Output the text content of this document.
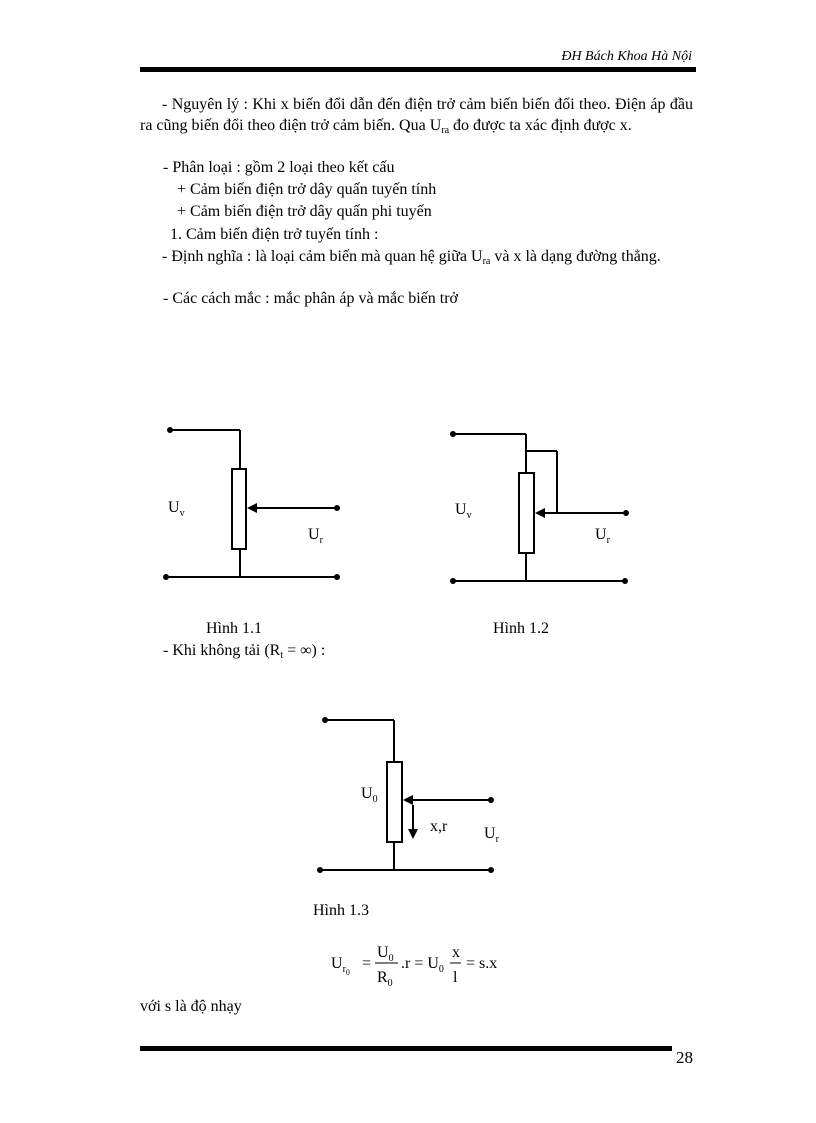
ĐH Bách Khoa Hà Nội
- Nguyên lý : Khi x biến đổi dẫn đến điện trở cảm biến biến đổi theo. Điện áp đầu ra cũng biến đổi theo điện trở cảm biến. Qua $U_{ra}$ đo được ta xác định được x.
- Phân loại : gồm 2 loại theo kết cấu
+ Cảm biến điện trở dây quấn tuyến tính
+ Cảm biến điện trở dây quấn phi tuyến
1. Cảm biến điện trở tuyến tính :
- Định nghĩa : là loại cảm biến mà quan hệ giữa $U_{ra}$ và x là dạng đường thẳng.
- Các cách mắc : mắc phân áp và mắc biến trở
$U_v$
$U_r$
Hình 1.1
$U_v$
$U_r$
Hình 1.2
- Khi không tải ($R_t$ = ∞) :
$U_0$
x,r $U_r$
Hình 1.3
$U_r0$
=
$U_0$
$R_0$
$.r = U_0$
x
l
= s.x
với s là độ nhạy
28
